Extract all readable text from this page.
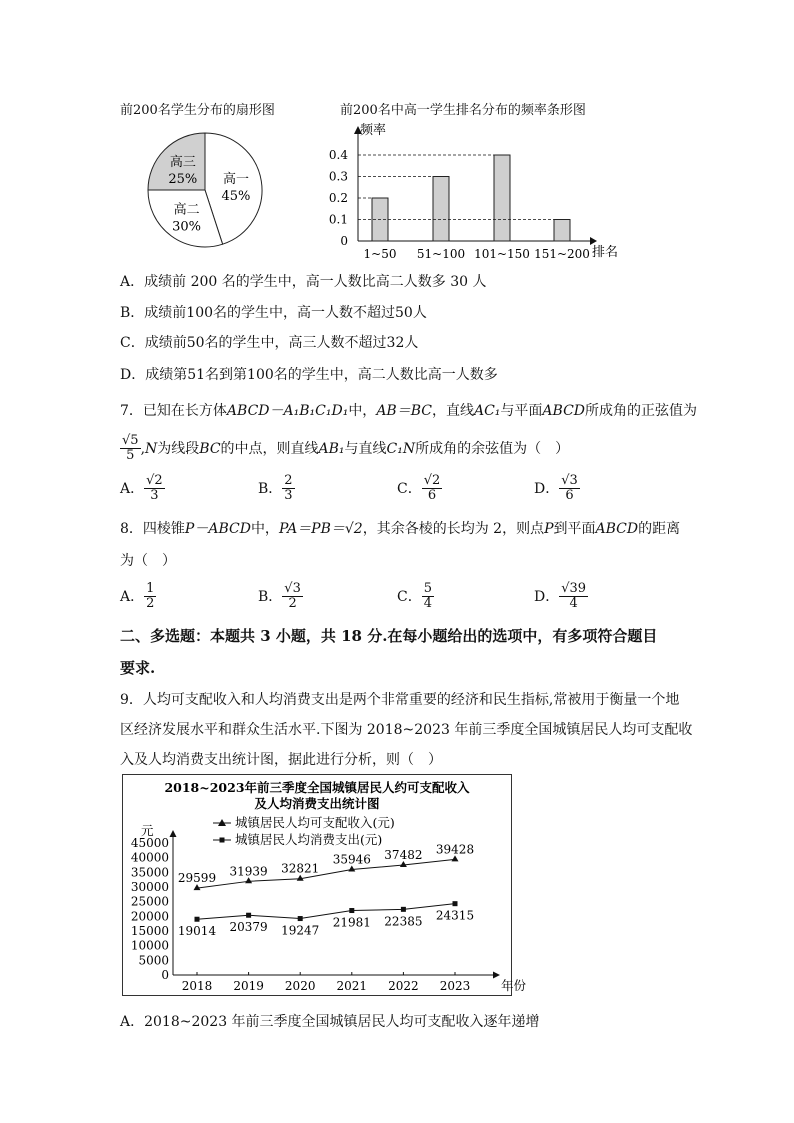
前200名学生分布的扇形图
高一
45%
高二
30%
高三
25%
前200名中高一学生排名分布的频率条形图
0
0.1
0.2
0.3
0.4
1~50 51~100 101~150 151~200
频率
排名
A．成绩前 200 名的学生中，高一人数比高二人数多 30 人
B．成绩前100名的学生中，高一人数不超过50人
C．成绩前50名的学生中，高三人数不超过32人
D．成绩第51名到第100名的学生中，高二人数比高一人数多
7．已知在长方体ABCD－A₁B₁C₁D₁中，AB＝BC，直线AC₁与平面ABCD所成角的正弦值为
$\frac{√5}{5} ,N$为线段BC的中点，则直线AB₁与直线C₁N所成角的余弦值为（　）
A． $\frac{√2}{3}$	B． $\frac{2}{3}$	C． $\frac{√2}{6}$	D． $\frac{√3}{6}$
8．四棱锥P－ABCD中，PA＝PB＝√2，其余各棱的长均为 2，则点P到平面ABCD的距离
为（　）
A． $\frac{1}{2}$	B． $\frac{√3}{2}$	C． $\frac{5}{4}$	D． $\frac{√39}{4}$
二、多选题：本题共 3 小题，共 18 分.在每小题给出的选项中，有多项符合题目
要求.
9．人均可支配收入和人均消费支出是两个非常重要的经济和民生指标,常被用于衡量一个地
区经济发展水平和群众生活水平.下图为 2018~2023 年前三季度全国城镇居民人均可支配收
入及人均消费支出统计图，据此进行分析，则（　）
2018~2023年前三季度全国城镇居民人约可支配收入
及人均消费支出统计图
城镇居民人均可支配收入(元)
城镇居民人均消费支出(元)
元
0
5000
10000
15000
20000
25000
30000
35000
40000
45000
2018 2019 2020 2021 2022 2023 年份
29599 31939 32821
35946 37482 39428
19014 20379 19247
21981 22385 24315
A．2018~2023 年前三季度全国城镇居民人均可支配收入逐年递增
